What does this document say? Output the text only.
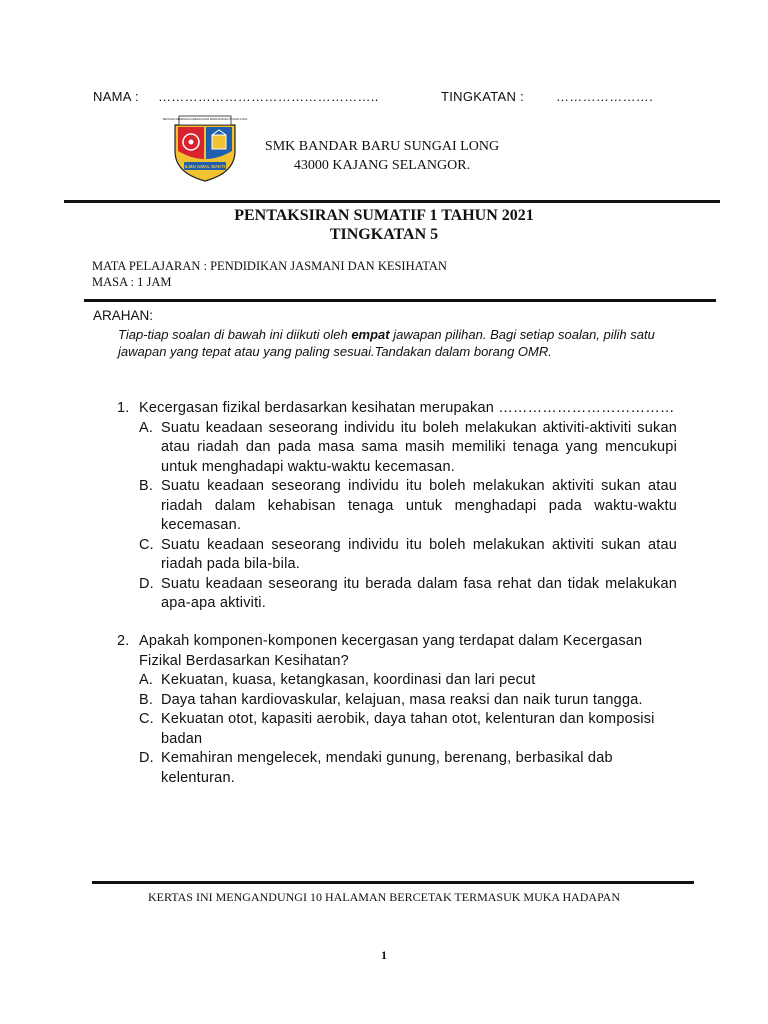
NAMA : …………………………………………..	TINGKATAN : ………………….
SEKOLAH MENENGAH KEBANGSAAN BANDAR BARU SUNGAI LONG
ILMU AMAL BAKTI
SMK BANDAR BARU SUNGAI LONG
43000 KAJANG SELANGOR.
PENTAKSIRAN SUMATIF 1 TAHUN 2021
TINGKATAN 5
MATA PELAJARAN : PENDIDIKAN JASMANI DAN KESIHATAN
MASA : 1 JAM
ARAHAN:
Tiap-tiap soalan di bawah ini diikuti oleh empat jawapan pilihan. Bagi setiap soalan, pilih satu jawapan yang tepat atau yang paling sesuai.Tandakan dalam borang OMR.
1. Kecergasan fizikal berdasarkan kesihatan merupakan ………………………………
A. Suatu keadaan seseorang individu itu boleh melakukan aktiviti-aktiviti sukan atau riadah dan pada masa sama masih memiliki tenaga yang mencukupi untuk menghadapi waktu-waktu kecemasan.
B. Suatu keadaan seseorang individu itu boleh melakukan aktiviti sukan atau riadah dalam kehabisan tenaga untuk menghadapi pada waktu-waktu kecemasan.
C. Suatu keadaan seseorang individu itu boleh melakukan aktiviti sukan atau riadah pada bila-bila.
D. Suatu keadaan seseorang itu berada dalam fasa rehat dan tidak melakukan apa-apa aktiviti.
2. Apakah komponen-komponen kecergasan yang terdapat dalam Kecergasan Fizikal Berdasarkan Kesihatan?
A. Kekuatan, kuasa, ketangkasan, koordinasi dan lari pecut
B. Daya tahan kardiovaskular, kelajuan, masa reaksi dan naik turun tangga.
C. Kekuatan otot, kapasiti aerobik, daya tahan otot, kelenturan dan komposisi badan
D. Kemahiran mengelecek, mendaki gunung, berenang, berbasikal dab kelenturan.
KERTAS INI MENGANDUNGI 10 HALAMAN BERCETAK TERMASUK MUKA HADAPAN
1
